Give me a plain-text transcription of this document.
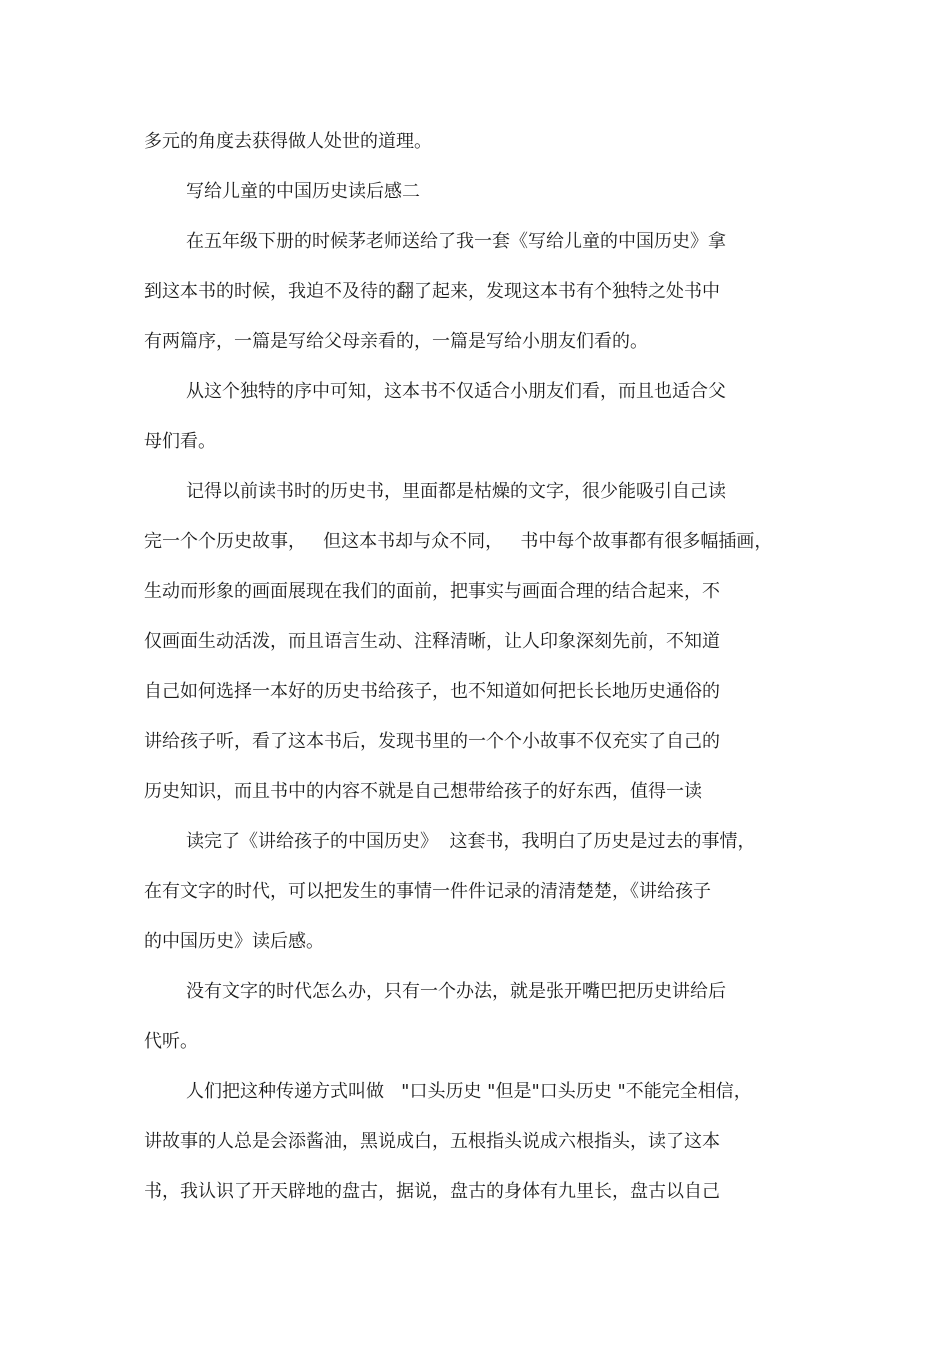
多元的角度去获得做人处世的道理。

写给儿童的中国历史读后感二

在五年级下册的时候茅老师送给了我一套《写给儿童的中国历史》拿

到这本书的时候，我迫不及待的翻了起来，发现这本书有个独特之处书中

有两篇序，一篇是写给父母亲看的，一篇是写给小朋友们看的。

从这个独特的序中可知，这本书不仅适合小朋友们看，而且也适合父

母们看。

记得以前读书时的历史书，里面都是枯燥的文字，很少能吸引自己读

完一个个历史故事，   但这本书却与众不同，   书中每个故事都有很多幅插画，

生动而形象的画面展现在我们的面前，把事实与画面合理的结合起来，不

仅画面生动活泼，而且语言生动、注释清晰，让人印象深刻先前，不知道

自己如何选择一本好的历史书给孩子，也不知道如何把长长地历史通俗的

讲给孩子听，看了这本书后，发现书里的一个个小故事不仅充实了自己的

历史知识，而且书中的内容不就是自己想带给孩子的好东西，值得一读

读完了《讲给孩子的中国历史》  这套书，我明白了历史是过去的事情，

在有文字的时代，可以把发生的事情一件件记录的清清楚楚，《讲给孩子

的中国历史》读后感。

没有文字的时代怎么办，只有一个办法，就是张开嘴巴把历史讲给后

代听。

人们把这种传递方式叫做   "口头历史 "但是"口头历史 "不能完全相信，

讲故事的人总是会添酱油，黑说成白，五根指头说成六根指头，读了这本

书，我认识了开天辟地的盘古，据说，盘古的身体有九里长，盘古以自己
